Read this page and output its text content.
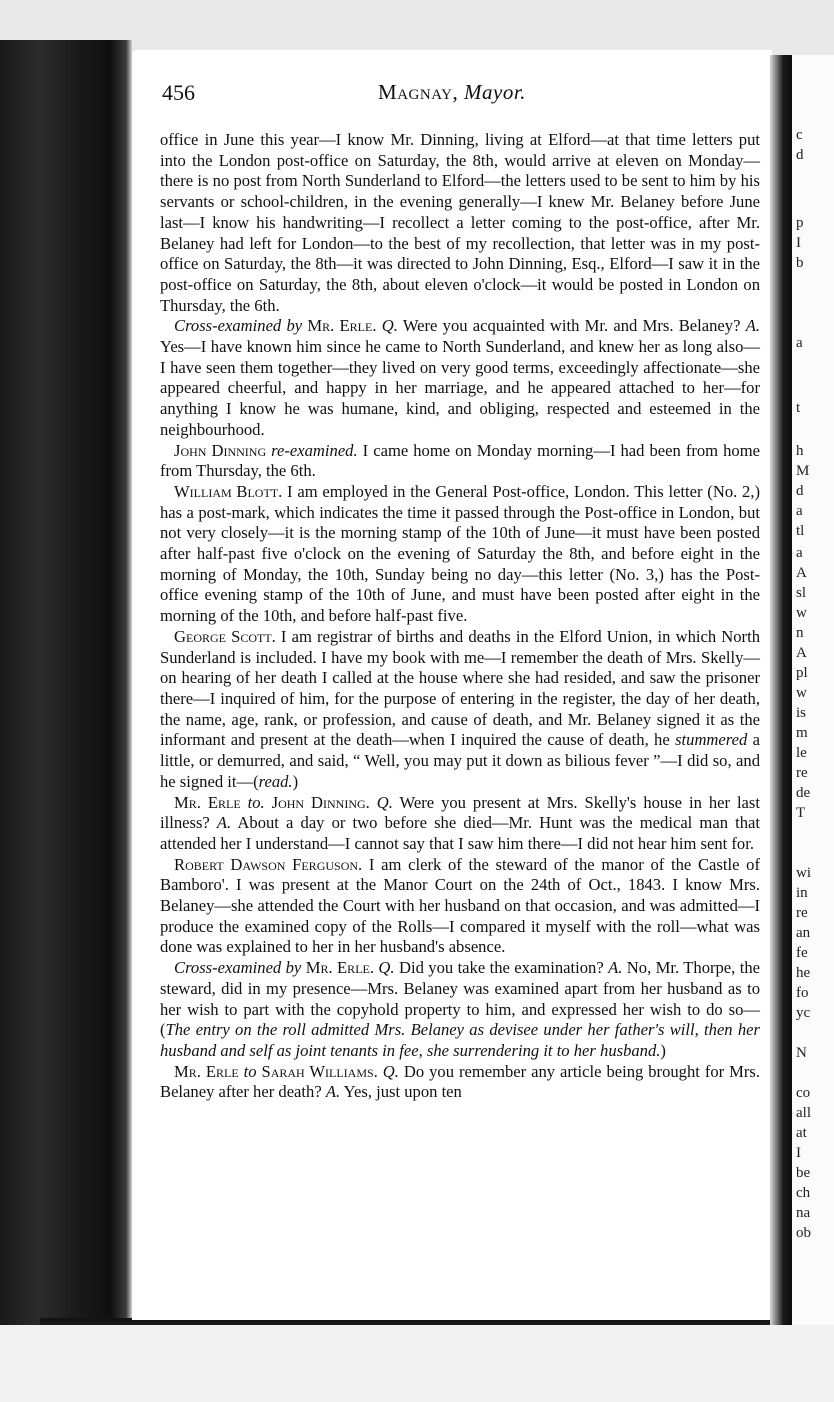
456	Magnay, Mayor.

office in June this year—I know Mr. Dinning, living at Elford—at that time letters put into the London post-office on Saturday, the 8th, would arrive at eleven on Monday—there is no post from North Sunderland to Elford—the letters used to be sent to him by his servants or school-children, in the evening generally—I knew Mr. Belaney before June last—I know his handwriting—I recollect a letter coming to the post-office, after Mr. Belaney had left for London—to the best of my recollection, that letter was in my post-office on Saturday, the 8th—it was directed to John Dinning, Esq., Elford—I saw it in the post-office on Saturday, the 8th, about eleven o'clock—it would be posted in London on Thursday, the 6th.

Cross-examined by Mr. Erle. Q. Were you acquainted with Mr. and Mrs. Belaney? A. Yes—I have known him since he came to North Sunderland, and knew her as long also—I have seen them together—they lived on very good terms, exceedingly affectionate—she appeared cheerful, and happy in her marriage, and he appeared attached to her—for anything I know he was humane, kind, and obliging, respected and esteemed in the neighbourhood.

John Dinning re-examined. I came home on Monday morning—I had been from home from Thursday, the 6th.

William Blott. I am employed in the General Post-office, London. This letter (No. 2,) has a post-mark, which indicates the time it passed through the Post-office in London, but not very closely—it is the morning stamp of the 10th of June—it must have been posted after half-past five o'clock on the evening of Saturday the 8th, and before eight in the morning of Monday, the 10th, Sunday being no day—this letter (No. 3,) has the Post-office evening stamp of the 10th of June, and must have been posted after eight in the morning of the 10th, and before half-past five.

George Scott. I am registrar of births and deaths in the Elford Union, in which North Sunderland is included. I have my book with me—I remember the death of Mrs. Skelly—on hearing of her death I called at the house where she had resided, and saw the prisoner there—I inquired of him, for the purpose of entering in the register, the day of her death, the name, age, rank, or profession, and cause of death, and Mr. Belaney signed it as the informant and present at the death—when I inquired the cause of death, he stummered a little, or demurred, and said, “ Well, you may put it down as bilious fever ”—I did so, and he signed it—(read.)

Mr. Erle to. John Dinning. Q. Were you present at Mrs. Skelly's house in her last illness? A. About a day or two before she died—Mr. Hunt was the medical man that attended her I understand—I cannot say that I saw him there—I did not hear him sent for.

Robert Dawson Ferguson. I am clerk of the steward of the manor of the Castle of Bamboro'. I was present at the Manor Court on the 24th of Oct., 1843. I know Mrs. Belaney—she attended the Court with her husband on that occasion, and was admitted—I produce the examined copy of the Rolls—I compared it myself with the roll—what was done was explained to her in her husband's absence.

Cross-examined by Mr. Erle. Q. Did you take the examination? A. No, Mr. Thorpe, the steward, did in my presence—Mrs. Belaney was examined apart from her husband as to her wish to part with the copyhold property to him, and expressed her wish to do so—(The entry on the roll admitted Mrs. Belaney as devisee under her father's will, then her husband and self as joint tenants in fee, she surrendering it to her husband.)

Mr. Erle to Sarah Williams. Q. Do you remember any article being brought for Mrs. Belaney after her death? A. Yes, just upon ten

c
d
p
I
b
a
t
h
M
d
a
tl
a
A
sl
w
n
A
pl
w
is
m
le
re
de
T
wi
in
re
an
fe
he
fo
yc
N
co
all
at
I
be
ch
na
ob
